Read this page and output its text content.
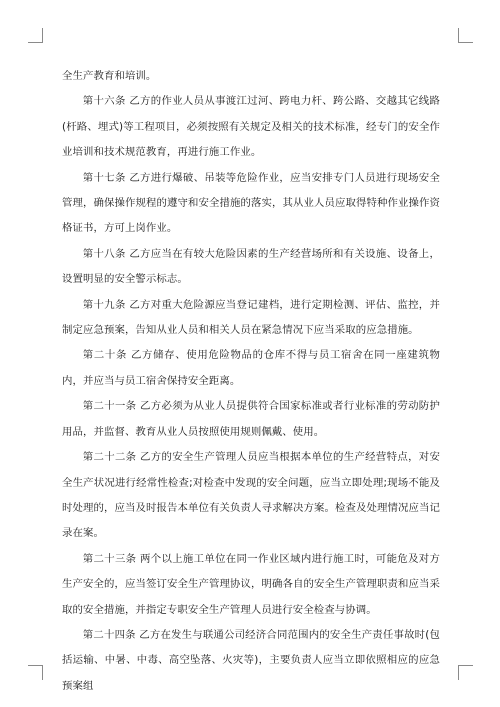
全生产教育和培训。

第十六条 乙方的作业人员从事渡江过河、跨电力杆、跨公路、交越其它线路(杆路、埋式)等工程项目，必须按照有关规定及相关的技术标准，经专门的安全作业培训和技术规范教育，再进行施工作业。

第十七条 乙方进行爆破、吊装等危险作业，应当安排专门人员进行现场安全管理，确保操作规程的遵守和安全措施的落实，其从业人员应取得特种作业操作资格证书，方可上岗作业。

第十八条 乙方应当在有较大危险因素的生产经营场所和有关设施、设备上，设置明显的安全警示标志。

第十九条 乙方对重大危险源应当登记建档，进行定期检测、评估、监控，并制定应急预案，告知从业人员和相关人员在紧急情况下应当采取的应急措施。

第二十条 乙方储存、使用危险物品的仓库不得与员工宿舍在同一座建筑物内，并应当与员工宿舍保持安全距离。

第二十一条 乙方必须为从业人员提供符合国家标准或者行业标准的劳动防护用品，并监督、教育从业人员按照使用规则佩戴、使用。

第二十二条 乙方的安全生产管理人员应当根据本单位的生产经营特点，对安全生产状况进行经常性检查;对检查中发现的安全问题，应当立即处理;现场不能及时处理的，应当及时报告本单位有关负责人寻求解决方案。检查及处理情况应当记录在案。

第二十三条 两个以上施工单位在同一作业区域内进行施工时，可能危及对方生产安全的，应当签订安全生产管理协议，明确各自的安全生产管理职责和应当采取的安全措施，并指定专职安全生产管理人员进行安全检查与协调。

第二十四条 乙方在发生与联通公司经济合同范围内的安全生产责任事故时(包括运输、中暑、中毒、高空坠落、火灾等)，主要负责人应当立即依照相应的应急预案组
